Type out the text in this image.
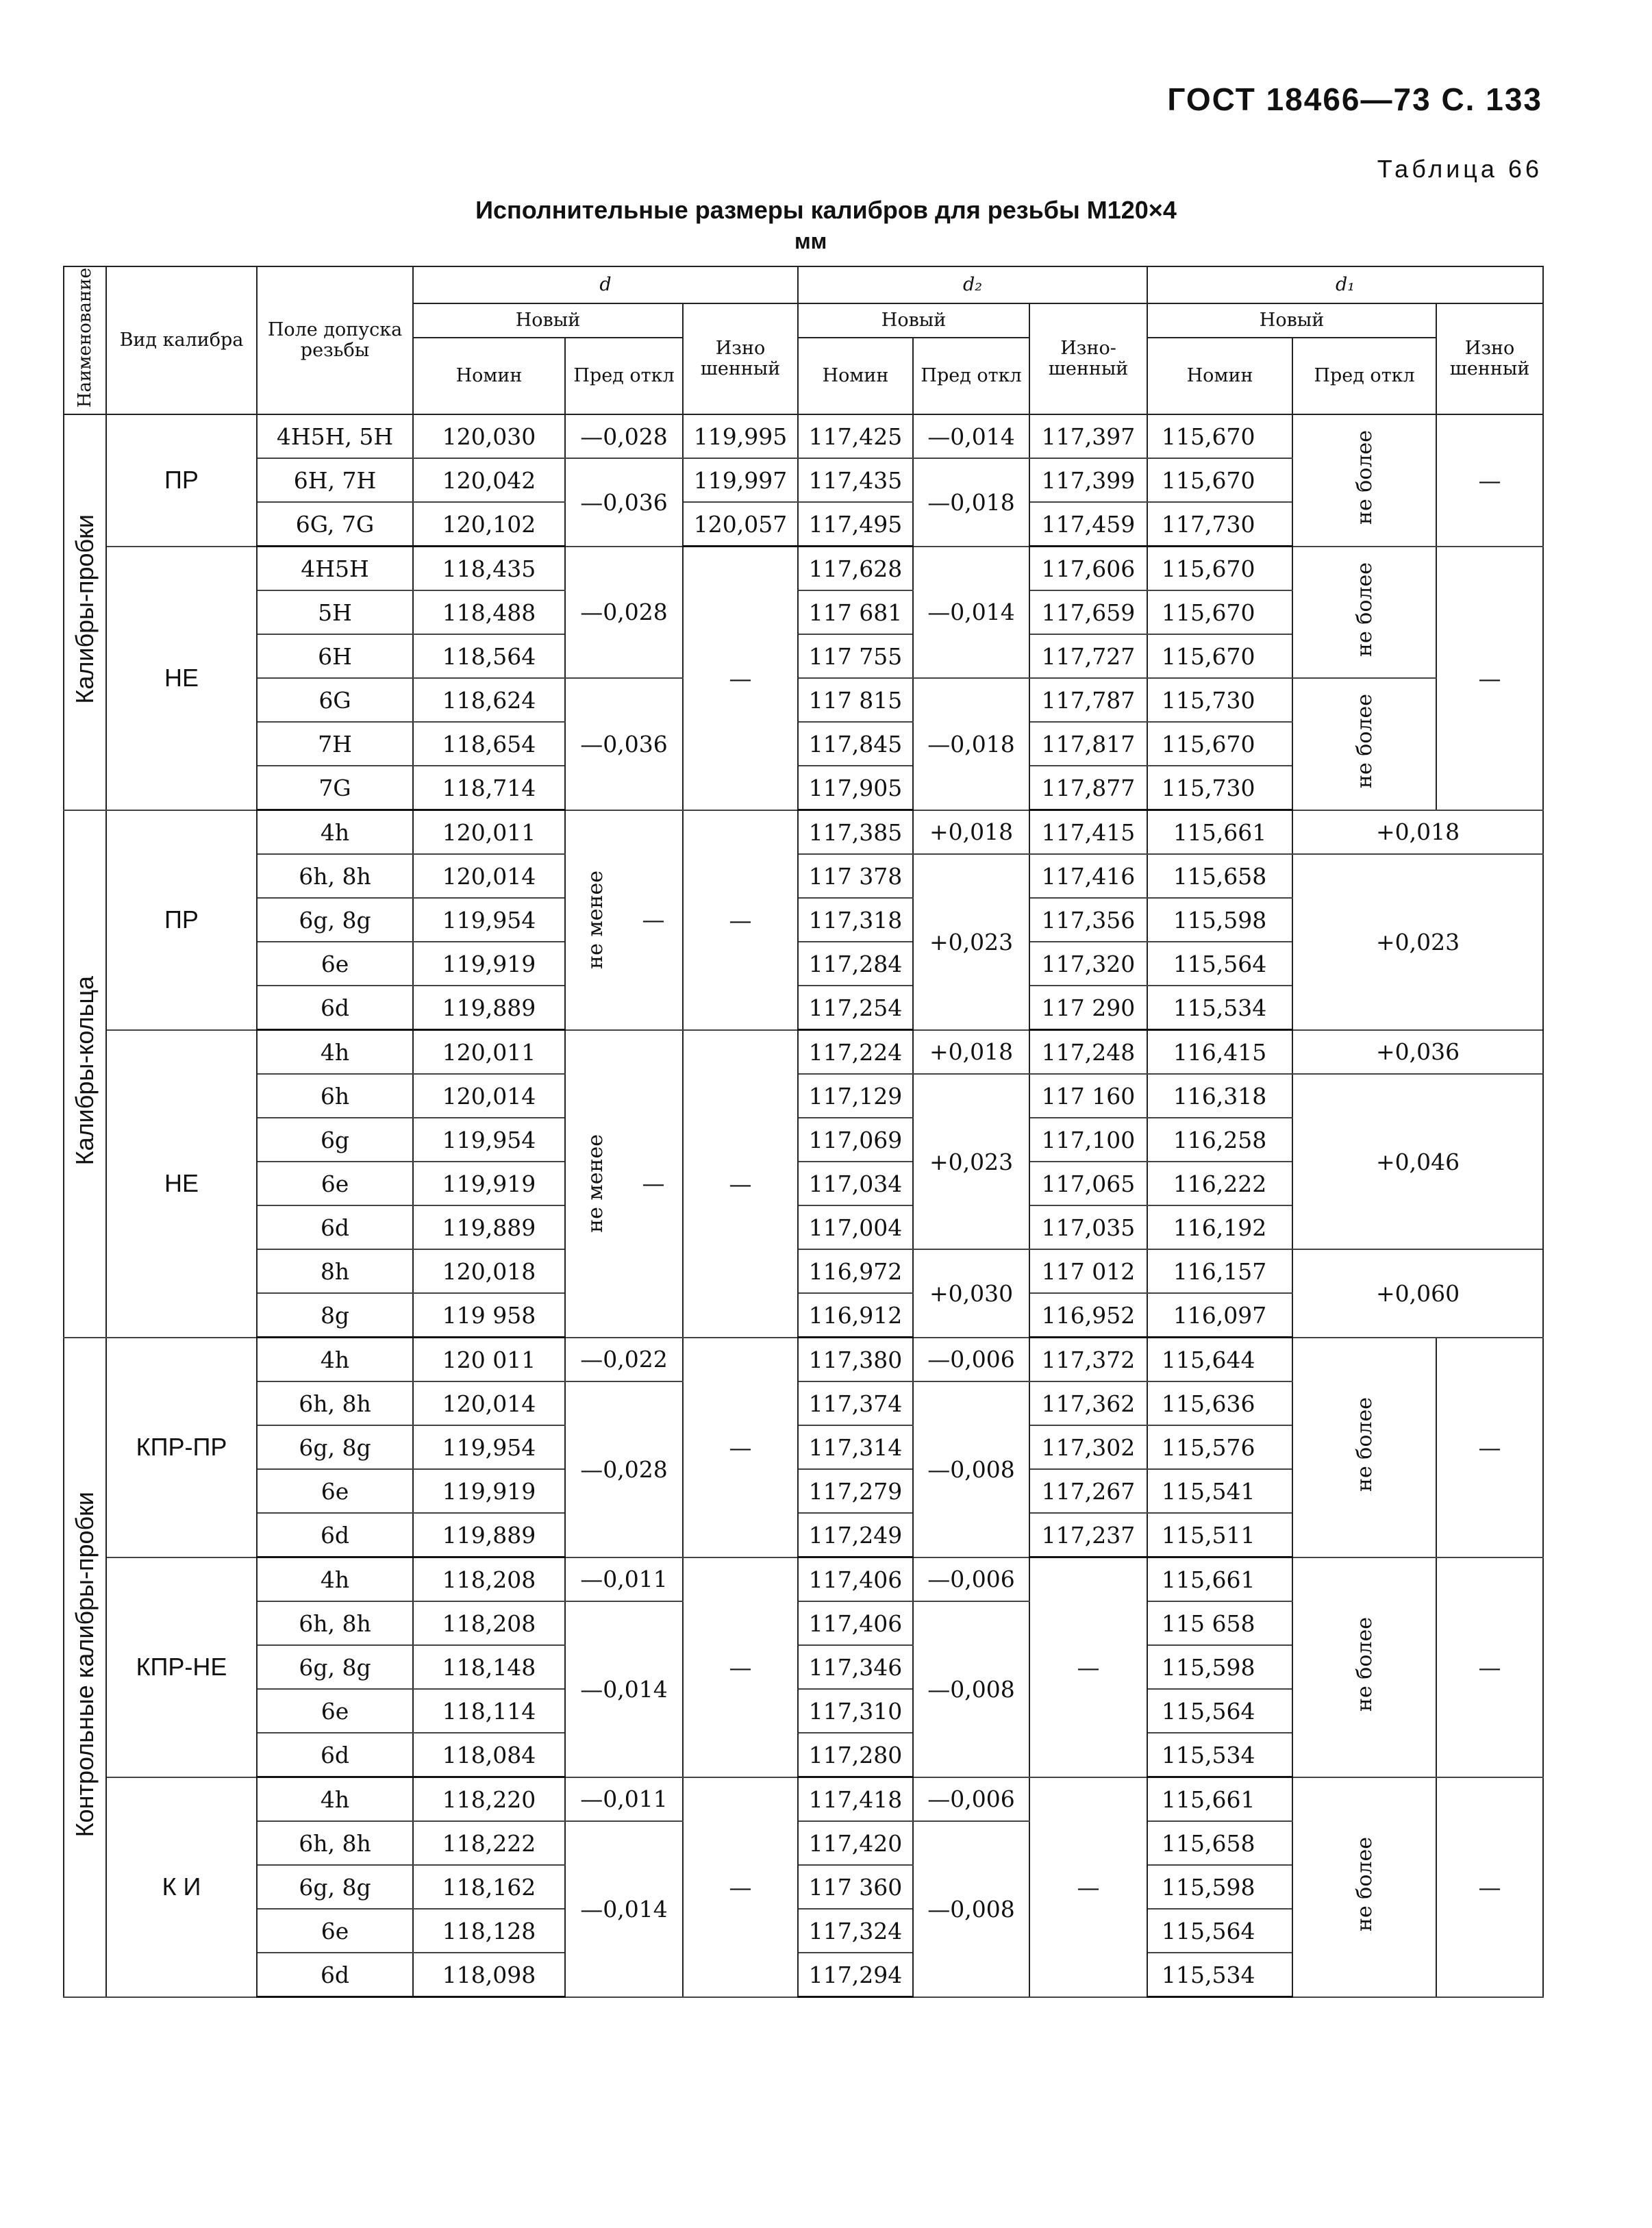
ГОСТ 18466—73 С. 133
Таблица 66
Исполнительные размеры калибров для резьбы М120×4
мм
Наименование	Вид калибра	Поле допуска резьбы	d			d₂			d₁			
			Новый		Изно шенный	Новый		Изно-шенный	Новый		Изно шенный	
			Номин	Пред откл		Номин	Пред откл		Номин	Пред откл		
Калибры-пробки	ПР	4H5H, 5H	120,030	—0,028	119,995	117,425	—0,014	117,397	115,670	не более	—	
		6H, 7H	120,042	—0,036	119,997	117,435	—0,018	117,399	115,670			
		6G, 7G	120,102		120,057	117,495		117,459	117,730			
	НЕ	4H5H	118,435	—0,028	—	117,628	—0,014	117,606	115,670	не более	—	
		5H	118,488			117 681		117,659	115,670			
		6H	118,564			117 755		117,727	115,670			
		6G	118,624	—0,036		117 815	—0,018	117,787	115,730	не более		
		7H	118,654			117,845		117,817	115,670			
		7G	118,714			117,905		117,877	115,730			
Калибры-кольца	ПР	4h	120,011	не менее —	—	117,385	+0,018	117,415	115,661	+0,018	
		6h, 8h	120,014			117 378	+0,023	117,416	115,658	+0,023	
		6g, 8g	119,954			117,318		117,356	115,598	
		6e	119,919			117,284		117,320	115,564	
		6d	119,889			117,254		117 290	115,534	
	НЕ	4h	120,011	не менее —	—	117,224	+0,018	117,248	116,415	+0,036	
		6h	120,014			117,129	+0,023	117 160	116,318	+0,046		
		6g	119,954			117,069		117,100	116,258			
		6e	119,919			117,034		117,065	116,222			
		6d	119,889			117,004		117,035	116,192			
		8h	120,018			116,972	+0,030	117 012	116,157	+0,060		
		8g	119 958			116,912		116,952	116,097			
Контрольные калибры-пробки	КПР-ПР	4h	120 011	—0,022	—	117,380	—0,006	117,372	115,644	не более	—	
		6h, 8h	120,014	—0,028		117,374	—0,008	117,362	115,636			
		6g, 8g	119,954			117,314		117,302	115,576			
		6e	119,919			117,279		117,267	115,541			
		6d	119,889			117,249		117,237	115,511			
	КПР-НЕ	4h	118,208	—0,011	—	117,406	—0,006	—	115,661	не более	—	
		6h, 8h	118,208	—0,014		117,406	—0,008		115 658			
		6g, 8g	118,148			117,346			115,598			
		6e	118,114			117,310			115,564			
		6d	118,084			117,280			115,534			
	К И	4h	118,220	—0,011	—	117,418	—0,006	—	115,661	не более	—	
		6h, 8h	118,222	—0,014		117,420	—0,008		115,658			
		6g, 8g	118,162			117 360			115,598			
		6e	118,128			117,324			115,564			
		6d	118,098			117,294			115,534			
